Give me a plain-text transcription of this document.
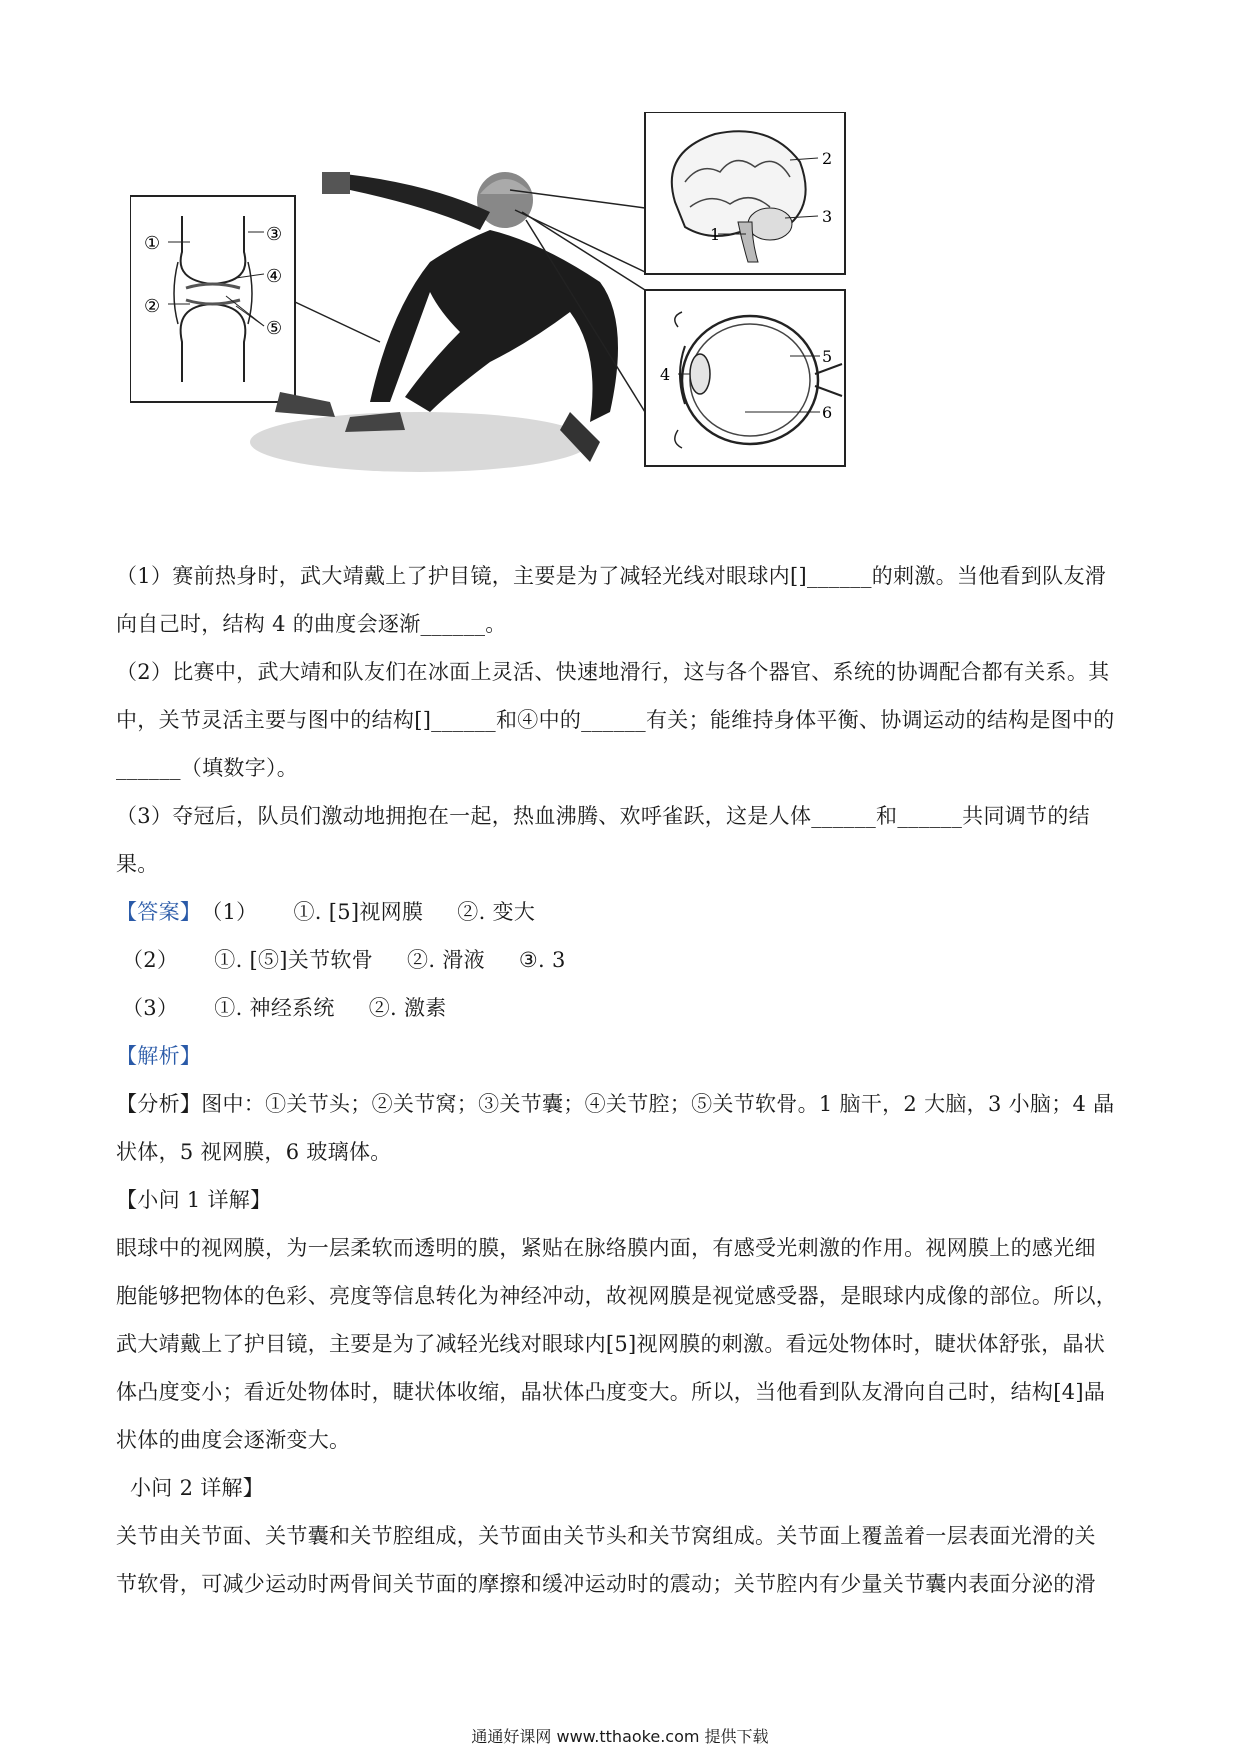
①
②
③
④
⑤
1
2
3
4
5
6

（1）赛前热身时，武大靖戴上了护目镜，主要是为了减轻光线对眼球内[]______的刺激。当他看到队友滑

向自己时，结构 4 的曲度会逐渐______。

（2）比赛中，武大靖和队友们在冰面上灵活、快速地滑行，这与各个器官、系统的协调配合都有关系。其

中，关节灵活主要与图中的结构[]______和④中的______有关；能维持身体平衡、协调运动的结构是图中的

______（填数字）。

（3）夺冠后，队员们激动地拥抱在一起，热血沸腾、欢呼雀跃，这是人体______和______共同调节的结果。

【答案】（1） ①. [5]视网膜 ②. 变大

（2） ①. [⑤]关节软骨 ②. 滑液 ③. 3

（3） ①. 神经系统 ②. 激素

【解析】

【分析】图中：①关节头；②关节窝；③关节囊；④关节腔；⑤关节软骨。1 脑干，2 大脑，3 小脑；4 晶

状体，5 视网膜，6 玻璃体。

【小问 1 详解】

眼球中的视网膜，为一层柔软而透明的膜，紧贴在脉络膜内面，有感受光刺激的作用。视网膜上的感光细

胞能够把物体的色彩、亮度等信息转化为神经冲动，故视网膜是视觉感受器，是眼球内成像的部位。所以，

武大靖戴上了护目镜，主要是为了减轻光线对眼球内[5]视网膜的刺激。看远处物体时，睫状体舒张，晶状

体凸度变小；看近处物体时，睫状体收缩，晶状体凸度变大。所以，当他看到队友滑向自己时，结构[4]晶

状体的曲度会逐渐变大。

小问 2 详解】

关节由关节面、关节囊和关节腔组成，关节面由关节头和关节窝组成。关节面上覆盖着一层表面光滑的关

节软骨，可减少运动时两骨间关节面的摩擦和缓冲运动时的震动；关节腔内有少量关节囊内表面分泌的滑

通通好课网 www.tthaoke.com 提供下载
